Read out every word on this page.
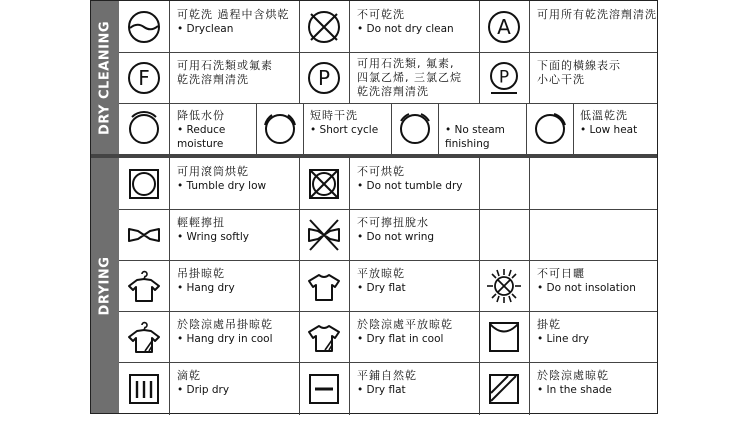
DRY CLEANING
DRYING
可乾洗 過程中含烘乾
• Dryclean
不可乾洗
• Do not dry clean A 可用所有乾洗溶劑清洗
F 可用石洗類或氟素
乾洗溶劑清洗	P
可用石洗類, 氟素,
四氯乙烯, 三氯乙烷
乾洗溶劑清洗
P
下面的橫線表示
小心干洗
降低水份
• Reduce
moisture
短時干洗
• Short cycle	• No steam
finishing
低溫乾洗
• Low heat
可用滾筒烘乾
• Tumble dry low
不可烘乾
• Do not tumble dry
輕輕擰扭
• Wring softly
不可擰扭脫水
• Do not wring
吊掛晾乾
• Hang dry
平放晾乾
• Dry flat
不可日曬
• Do not insolation
於陰涼處吊掛晾乾
• Hang dry in cool
於陰涼處平放晾乾
• Dry flat in cool
掛乾
• Line dry
滴乾
• Drip dry
平鋪自然乾
• Dry flat
於陰涼處晾乾
• In the shade
